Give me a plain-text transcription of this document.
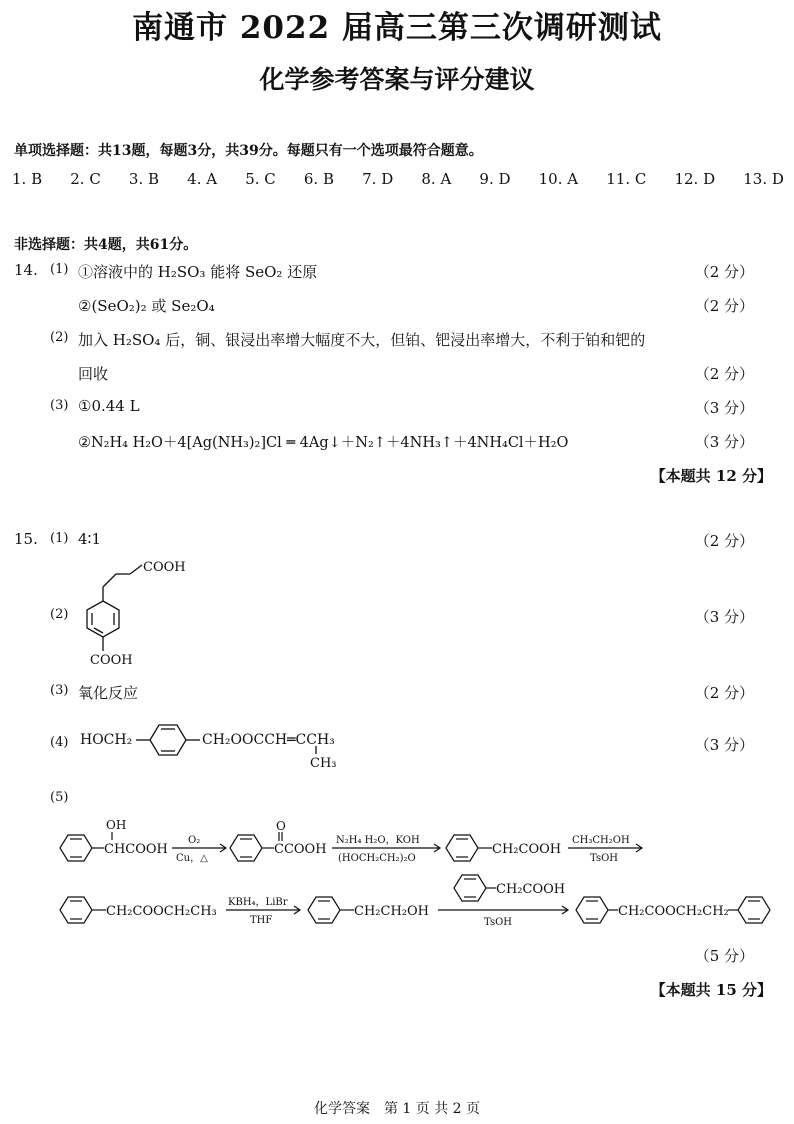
南通市 2022 届高三第三次调研测试
化学参考答案与评分建议
单项选择题：共13题，每题3分，共39分。每题只有一个选项最符合题意。
1. B 2. C 3. B 4. A 5. C 6. B 7. D 8. A 9. D 10. A 11. C 12. D 13. D
非选择题：共4题，共61分。
14. (1) ①溶液中的 H₂SO₃ 能将 SeO₂ 还原	（2 分）
②(SeO₂)₂ 或 Se₂O₄	（2 分）
(2) 加入 H₂SO₄ 后，铜、银浸出率增大幅度不大，但铂、钯浸出率增大，不利于铂和钯的
回收	（2 分）
(3) ①0.44 L	（3 分）
②N₂H₄ H₂O＋4[Ag(NH₃)₂]Cl ═ 4Ag↓＋N₂↑＋4NH₃↑＋4NH₄Cl＋H₂O	（3 分）
【本题共 12 分】
15. (1) 4∶1	（2 分）
(2)	（3 分）
COOH
COOH
(3) 氧化反应	（2 分）
(4)	（3 分）
HOCH₂	CH₂OOCCH═CCH₃
CH₃
(5)
OH
CHCOOH
O₂
Cu，△
O
CCOOH
N₂H₄ H₂O，KOH
(HOCH₂CH₂)₂O
CH₂COOH
CH₃CH₂OH
TsOH
CH₂COOCH₂CH₃
KBH₄，LiBr
THF
CH₂CH₂OH
CH₂COOH
TsOH
CH₂COOCH₂CH₂
（5 分）
【本题共 15 分】
化学答案　第 1 页 共 2 页
